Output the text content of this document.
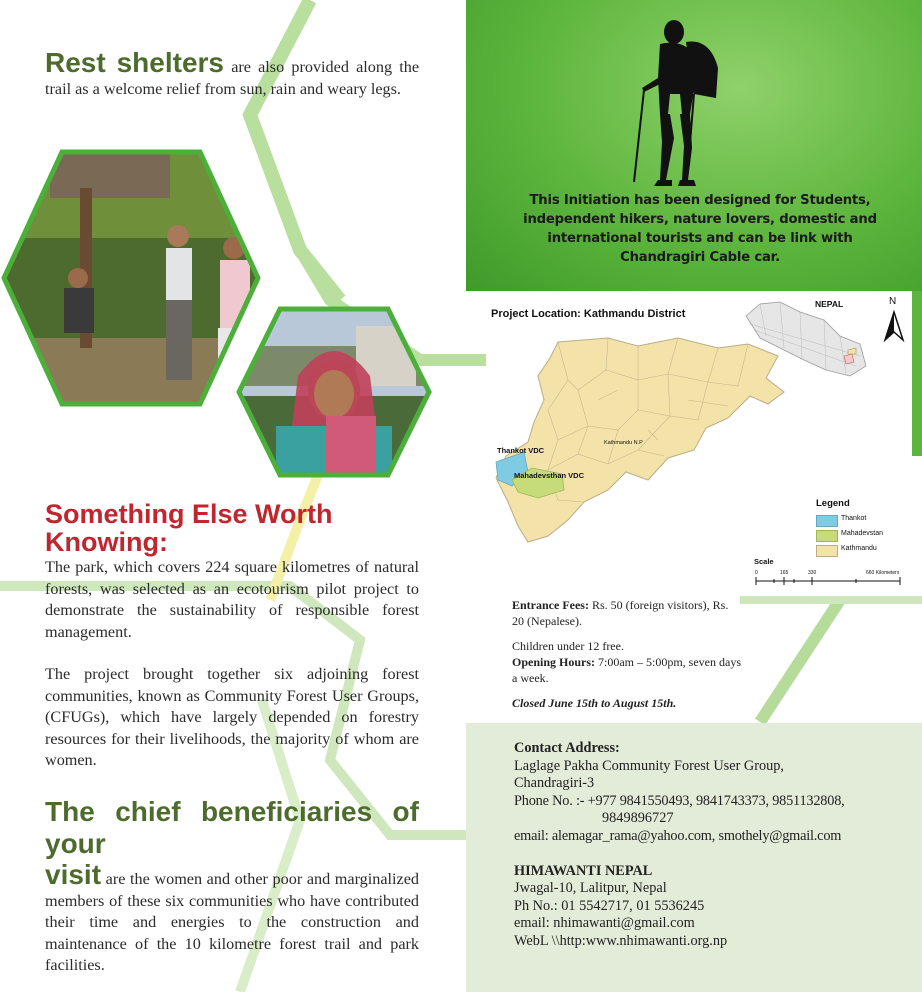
Rest shelters are also provided along the trail as a welcome relief from sun, rain and weary legs.
Something Else Worth Knowing:
The park, which covers 224 square kilometres of natural forests, was selected as an ecotourism pilot project to demonstrate the sustainability of responsible forest management.
The project brought together six adjoining forest communities, known as Community Forest User Groups, (CFUGs), which have largely depended on forestry resources for their livelihoods, the majority of whom are women.
The chief beneficiaries of your
visit are the women and other poor and marginalized members of these six communities who have contributed their time and energies to the construction and maintenance of the 10 kilometre forest trail and park facilities.
This Initiation has been designed for Students,
independent hikers, nature lovers, domestic and
international tourists and can be link with
Chandragiri Cable car.
Project Location: Kathmandu District
Thankot VDC
Mahadevsthan VDC
Kathmandu N.P
NEPAL	N
Legend
Thankot
Mahadevstan
Kathmandu
Scale
0	165	330	660 Kilometers
Entrance Fees: Rs. 50 (foreign visitors), Rs. 20 (Nepalese).
Children under 12 free.
Opening Hours: 7:00am – 5:00pm, seven days a week.
Closed June 15th to August 15th.
Contact Address:
Laglage Pakha Community Forest User Group,
Chandragiri-3
Phone No. :- +977 9841550493, 9841743373, 9851132808,
9849896727
email: alemagar_rama@yahoo.com, smothely@gmail.com
HIMAWANTI NEPAL
Jwagal-10, Lalitpur, Nepal
Ph No.: 01 5542717, 01 5536245
email: nhimawanti@gmail.com
WebL \\http:www.nhimawanti.org.np
